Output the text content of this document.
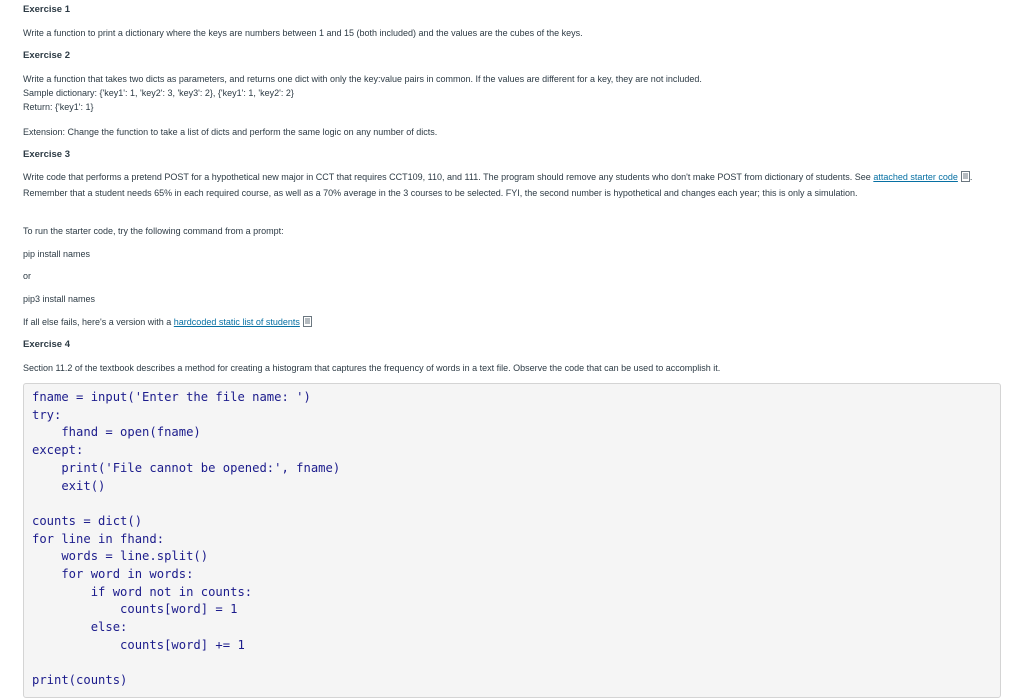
Exercise 1
Write a function to print a dictionary where the keys are numbers between 1 and 15 (both included) and the values are the cubes of the keys.
Exercise 2
Write a function that takes two dicts as parameters, and returns one dict with only the key:value pairs in common. If the values are different for a key, they are not included.
Sample dictionary: {'key1': 1, 'key2': 3, 'key3': 2}, {'key1': 1, 'key2': 2}
Return: {'key1': 1}
Extension: Change the function to take a list of dicts and perform the same logic on any number of dicts.
Exercise 3
Write code that performs a pretend POST for a hypothetical new major in CCT that requires CCT109, 110, and 111. The program should remove any students who don't make POST from dictionary of students. See attached starter code . Remember that a student needs 65% in each required course, as well as a 70% average in the 3 courses to be selected. FYI, the second number is hypothetical and changes each year; this is only a simulation.
To run the starter code, try the following command from a prompt:
pip install names
or
pip3 install names
If all else fails, here's a version with a hardcoded static list of students
Exercise 4
Section 11.2 of the textbook describes a method for creating a histogram that captures the frequency of words in a text file. Observe the code that can be used to accomplish it.
fname = input('Enter the file name: ')
try:
fhand = open(fname)
except:
print('File cannot be opened:', fname)
exit()

counts = dict()
for line in fhand:
words = line.split()
for word in words:
if word not in counts:
counts[word] = 1
else:
counts[word] += 1

print(counts)
